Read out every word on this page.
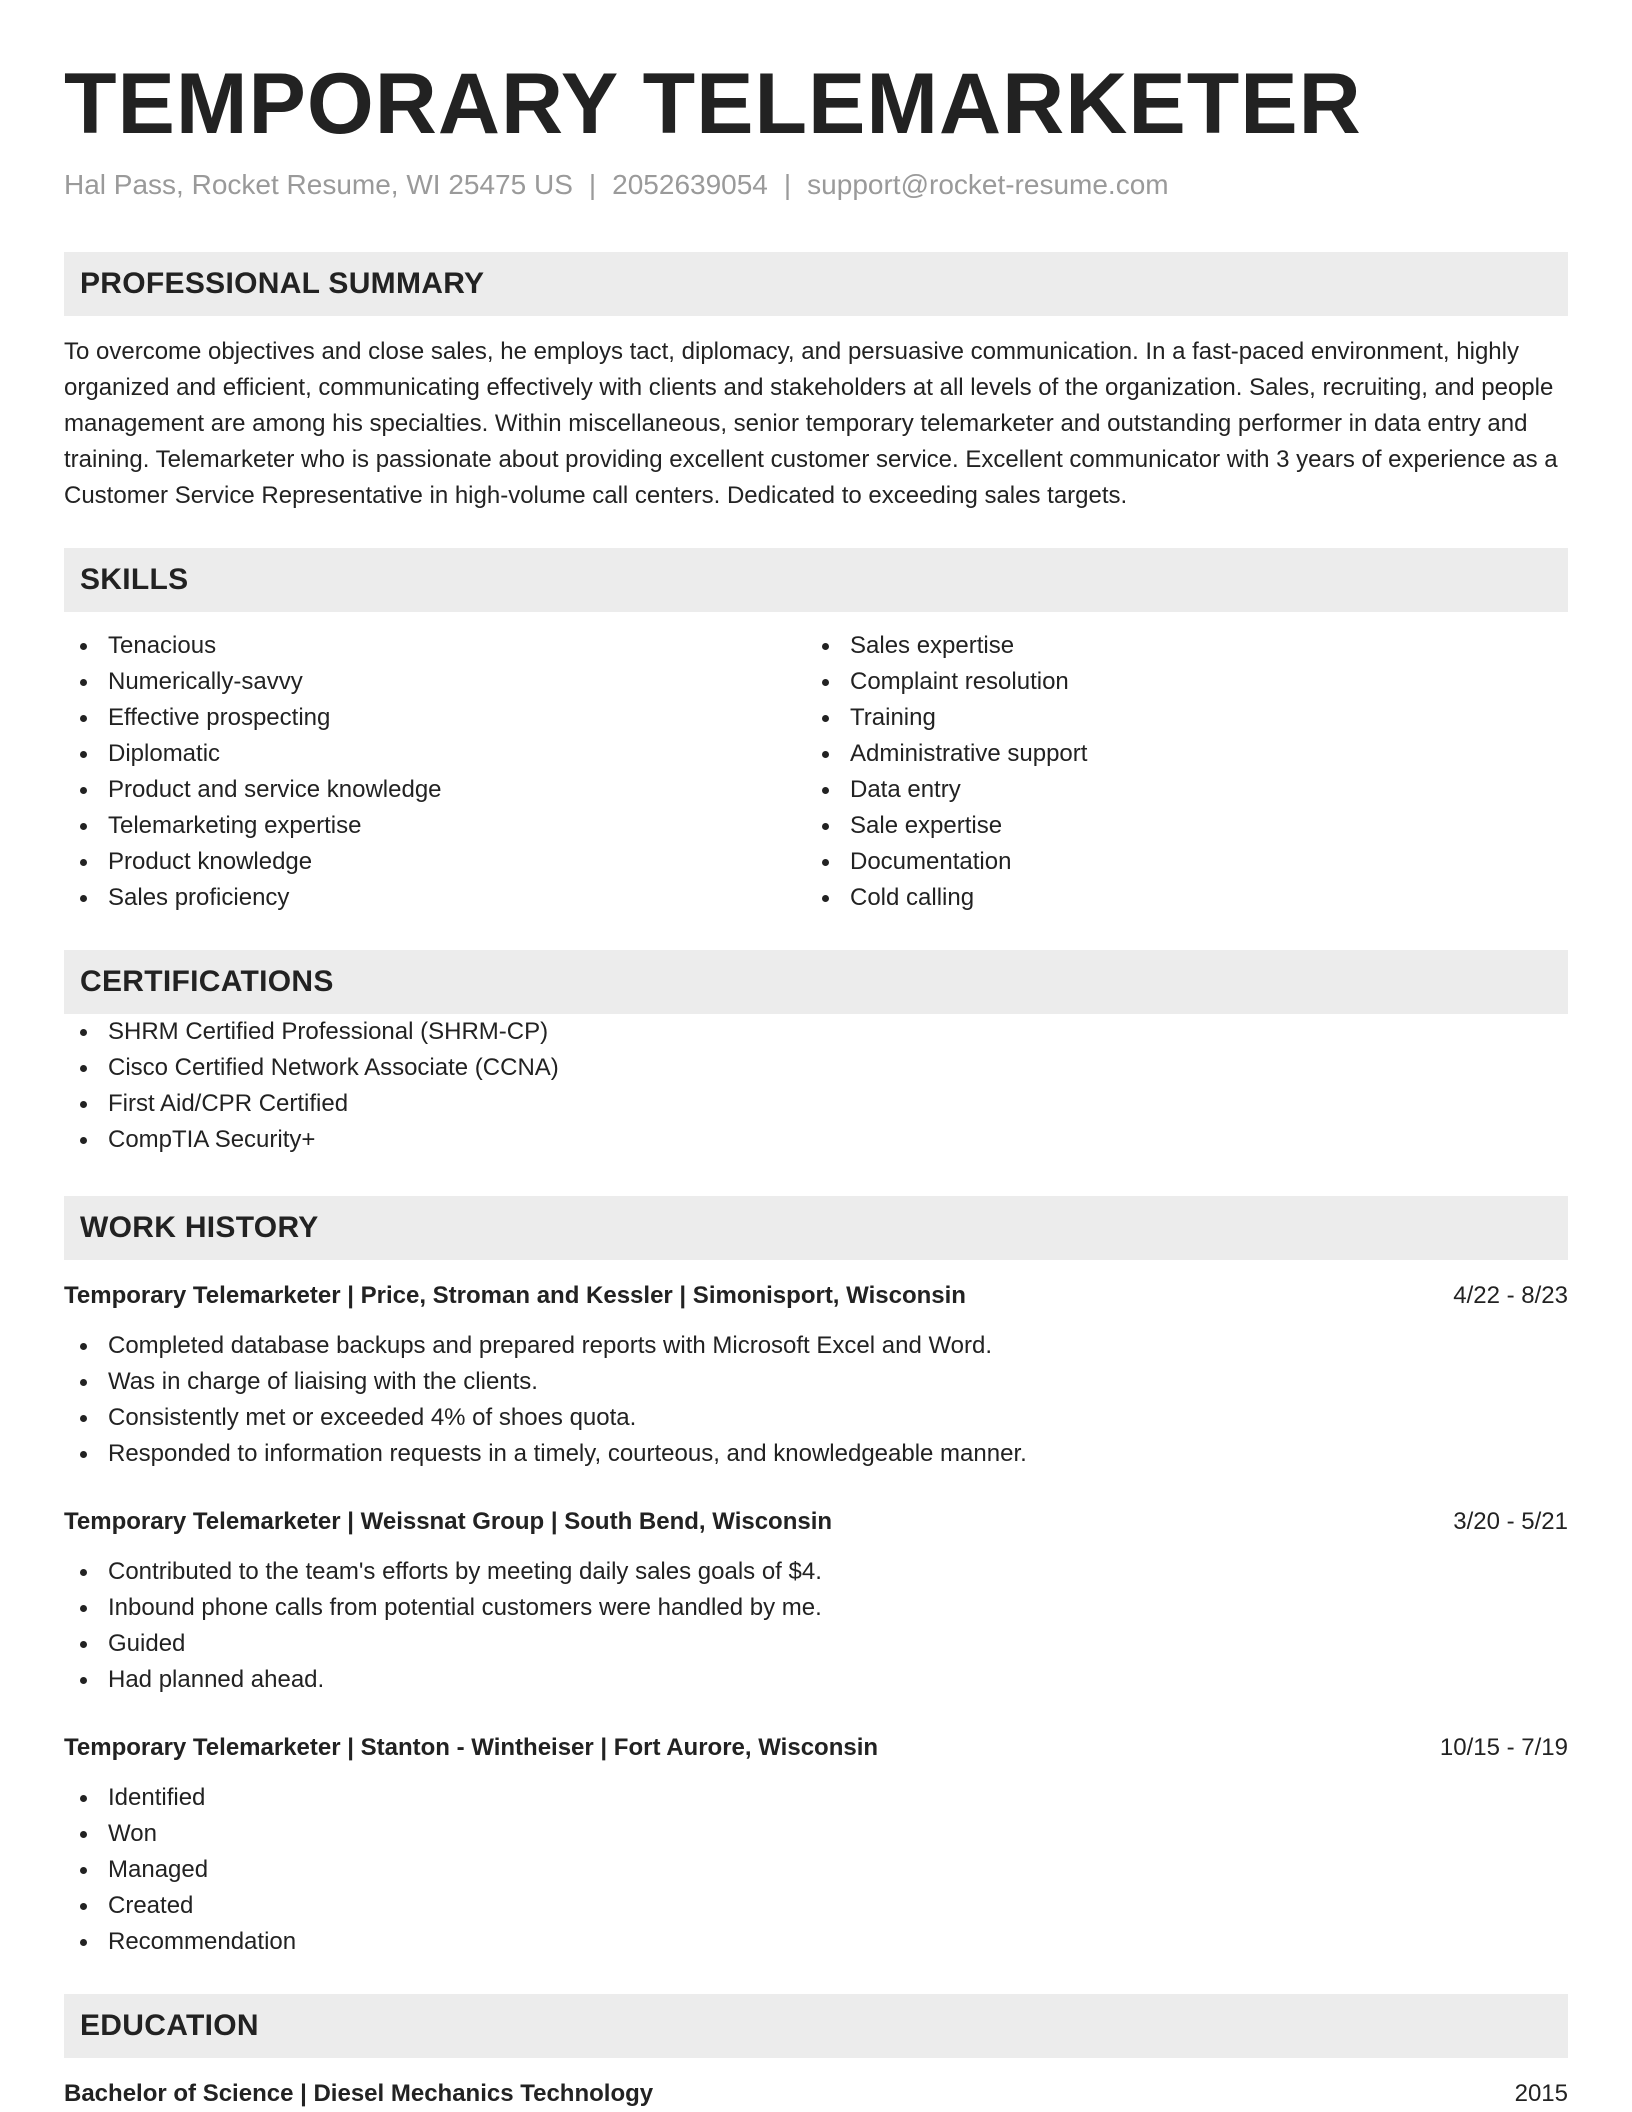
TEMPORARY TELEMARKETER
Hal Pass, Rocket Resume, WI 25475 US | 2052639054 | support@rocket-resume.com
PROFESSIONAL SUMMARY

To overcome objectives and close sales, he employs tact, diplomacy, and persuasive communication. In a fast-paced environment, highly organized and efficient, communicating effectively with clients and stakeholders at all levels of the organization. Sales, recruiting, and people management are among his specialties. Within miscellaneous, senior temporary telemarketer and outstanding performer in data entry and training. Telemarketer who is passionate about providing excellent customer service. Excellent communicator with 3 years of experience as a Customer Service Representative in high-volume call centers. Dedicated to exceeding sales targets.

SKILLS
Tenacious
Numerically-savvy
Effective prospecting
Diplomatic
Product and service knowledge
Telemarketing expertise
Product knowledge
Sales proficiency
Sales expertise
Complaint resolution
Training
Administrative support
Data entry
Sale expertise
Documentation
Cold calling
CERTIFICATIONS
SHRM Certified Professional (SHRM-CP)
Cisco Certified Network Associate (CCNA)
First Aid/CPR Certified
CompTIA Security+
WORK HISTORY
Temporary Telemarketer | Price, Stroman and Kessler | Simonisport, Wisconsin	4/22 - 8/23
Completed database backups and prepared reports with Microsoft Excel and Word.
Was in charge of liaising with the clients.
Consistently met or exceeded 4% of shoes quota.
Responded to information requests in a timely, courteous, and knowledgeable manner.
Temporary Telemarketer | Weissnat Group | South Bend, Wisconsin	3/20 - 5/21
Contributed to the team's efforts by meeting daily sales goals of $4.
Inbound phone calls from potential customers were handled by me.
Guided
Had planned ahead.
Temporary Telemarketer | Stanton - Wintheiser | Fort Aurore, Wisconsin	10/15 - 7/19
Identified
Won
Managed
Created
Recommendation
EDUCATION
Bachelor of Science | Diesel Mechanics Technology	2015
